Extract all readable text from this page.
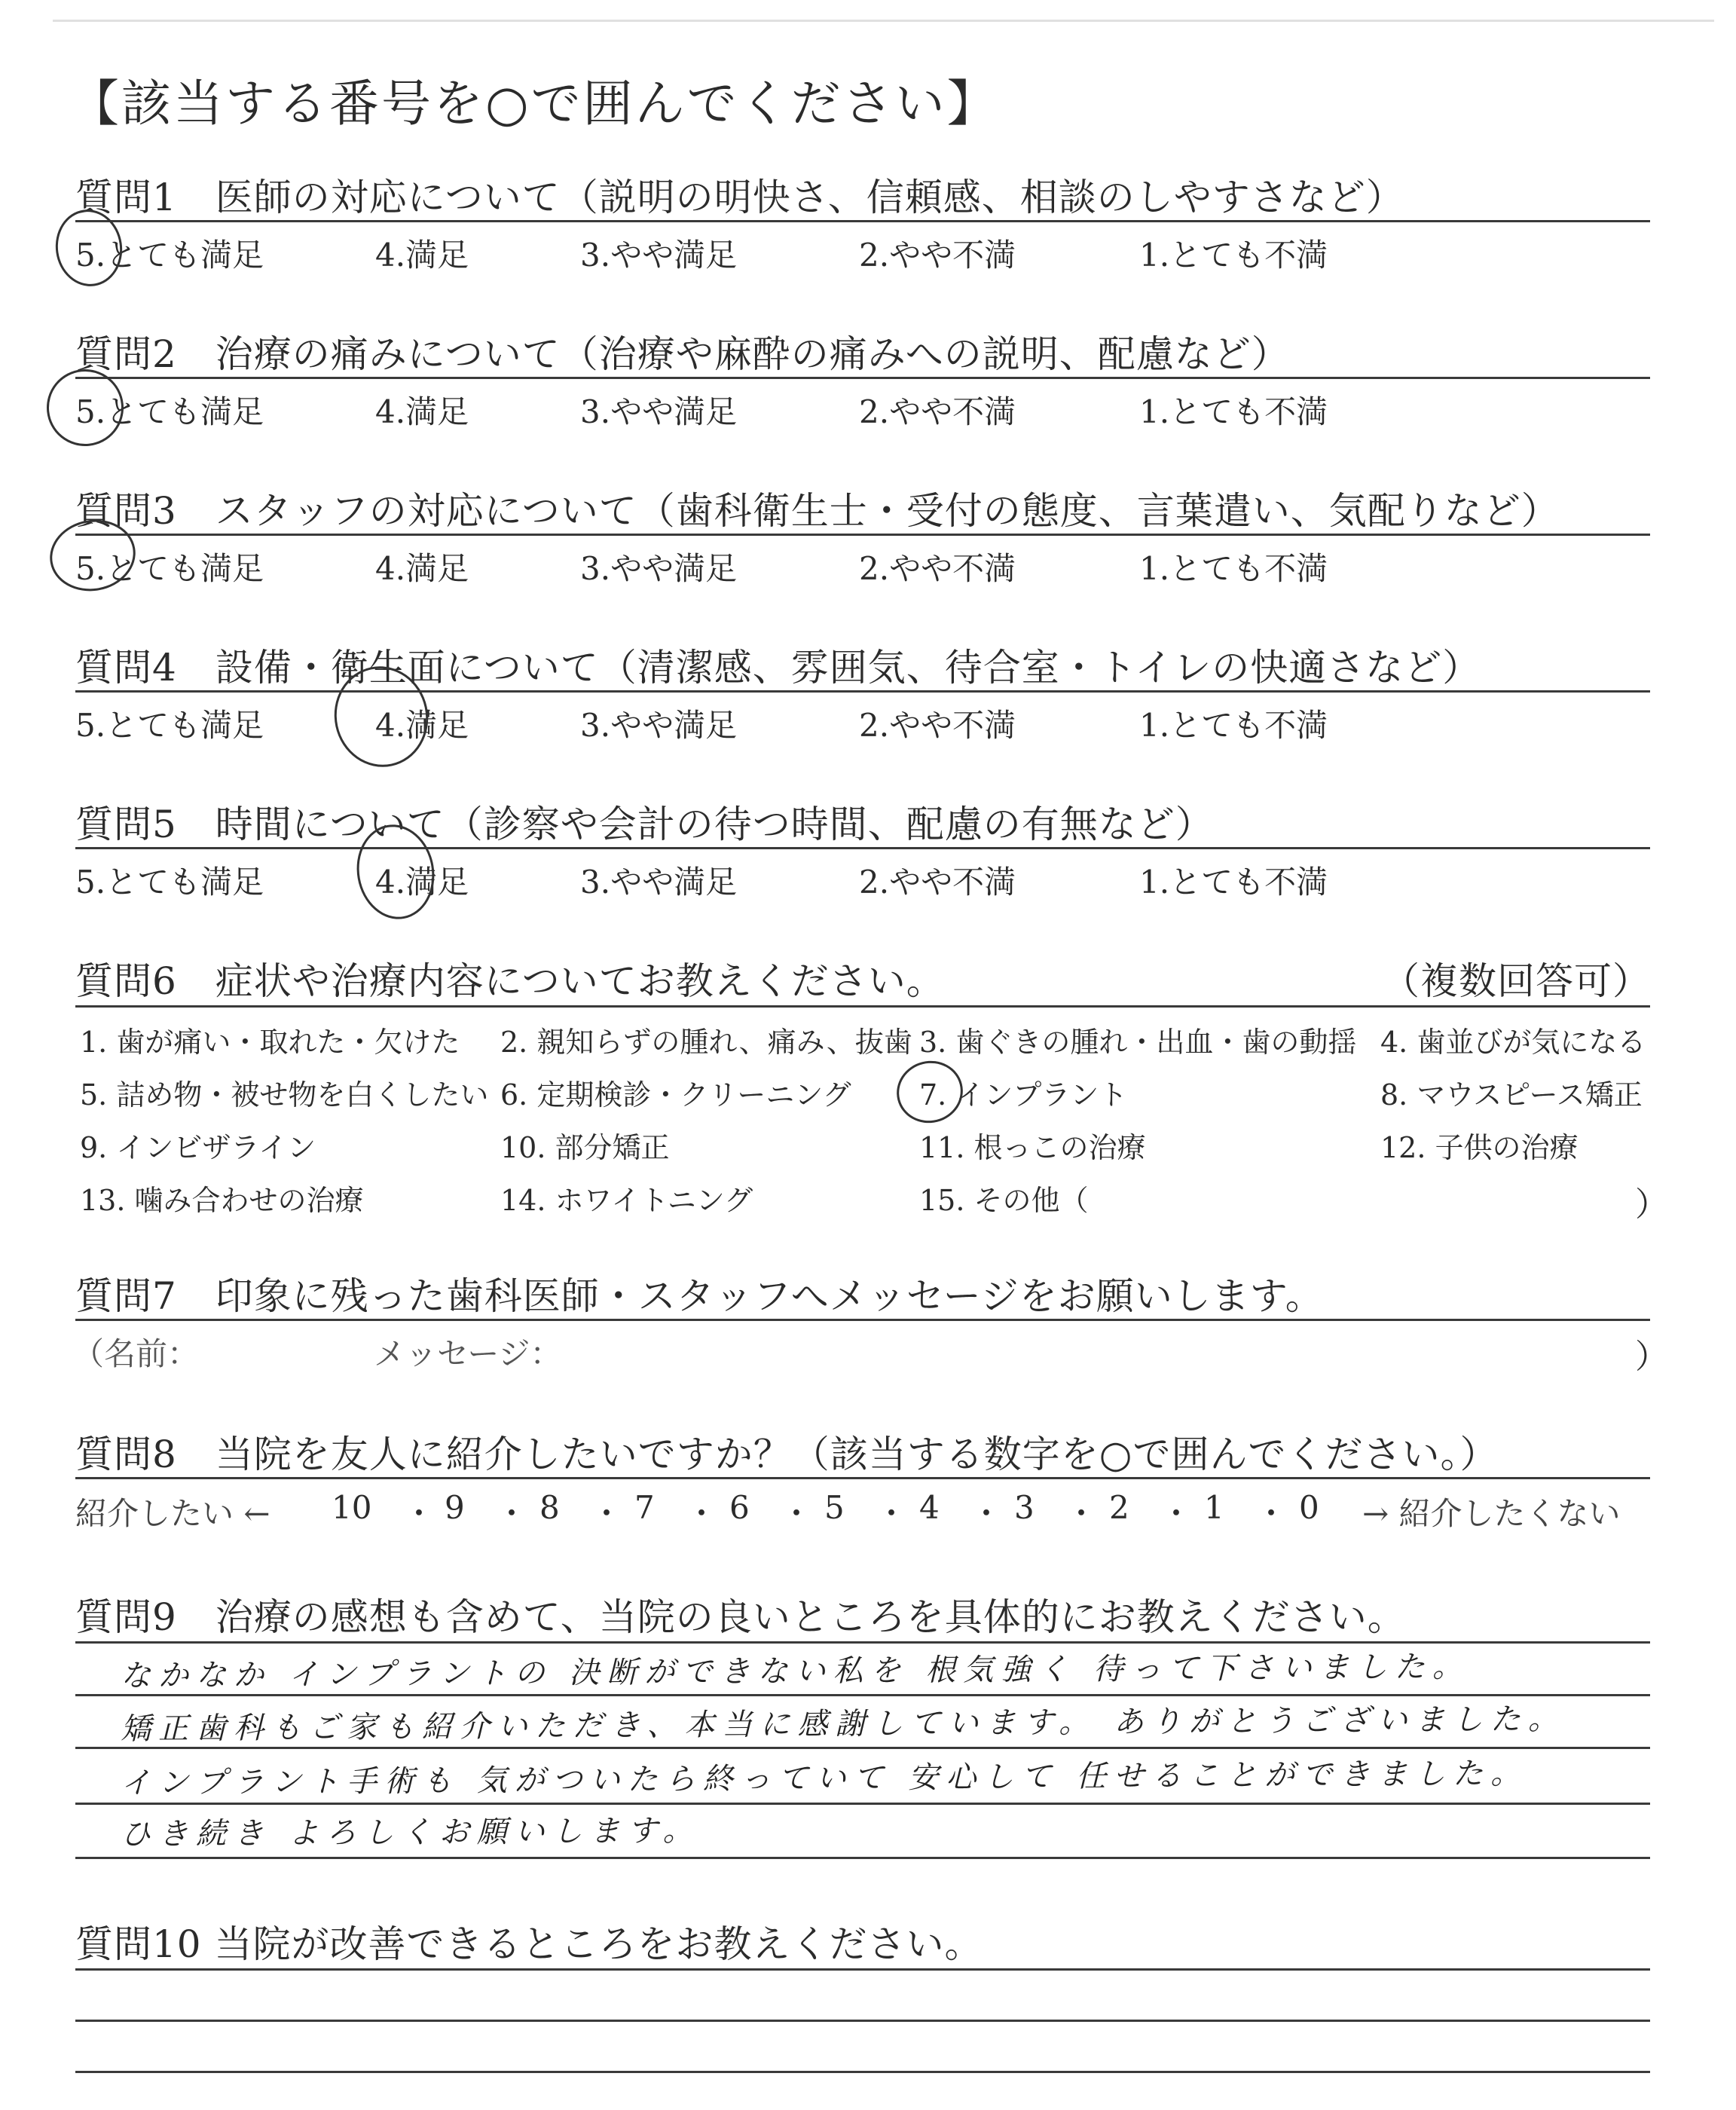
【該当する番号を○で囲んでください】
質問1　医師の対応について（説明の明快さ、信頼感、相談のしやすさなど）
5.とても満足	4.満足	3.やや満足	2.やや不満	1.とても不満
質問2　治療の痛みについて（治療や麻酔の痛みへの説明、配慮など）
5.とても満足	4.満足	3.やや満足	2.やや不満	1.とても不満
質問3　スタッフの対応について（歯科衛生士・受付の態度、言葉遣い、気配りなど）
5.とても満足	4.満足	3.やや満足	2.やや不満	1.とても不満
質問4　設備・衛生面について（清潔感、雰囲気、待合室・トイレの快適さなど）
5.とても満足	4.満足	3.やや満足	2.やや不満	1.とても不満
質問5　時間について（診察や会計の待つ時間、配慮の有無など）
5.とても満足	4.満足	3.やや満足	2.やや不満	1.とても不満
質問6　症状や治療内容についてお教えください。	（複数回答可）
1. 歯が痛い・取れた・欠けた 2. 親知らずの腫れ、痛み、抜歯 3. 歯ぐきの腫れ・出血・歯の動揺 4. 歯並びが気になる
5. 詰め物・被せ物を白くしたい 6. 定期検診・クリーニング 7. インプラント	8. マウスピース矯正
9. インビザライン	10. 部分矯正	11. 根っこの治療	12. 子供の治療
13. 噛み合わせの治療	14. ホワイトニング	15. その他（	）
質問7　印象に残った歯科医師・スタッフへメッセージをお願いします。
（名前：	メッセージ：	）
質問8　当院を友人に紹介したいですか？（該当する数字を○で囲んでください。）
紹介したい ← 10 ・ 9 ・ 8 ・ 7 ・ 6 ・ 5 ・ 4 ・ 3 ・ 2 ・ 1 ・ 0 → 紹介したくない
質問9　治療の感想も含めて、当院の良いところを具体的にお教えください。
なかなか インプラントの 決断ができない私を 根気強く 待って下さいました。
矯正歯科もご家も紹介いただき、本当に感謝しています。 ありがとうございました。
インプラント手術も 気がついたら終っていて 安心して 任せることができました。
ひき続き よろしくお願いします。
質問10 当院が改善できるところをお教えください。
